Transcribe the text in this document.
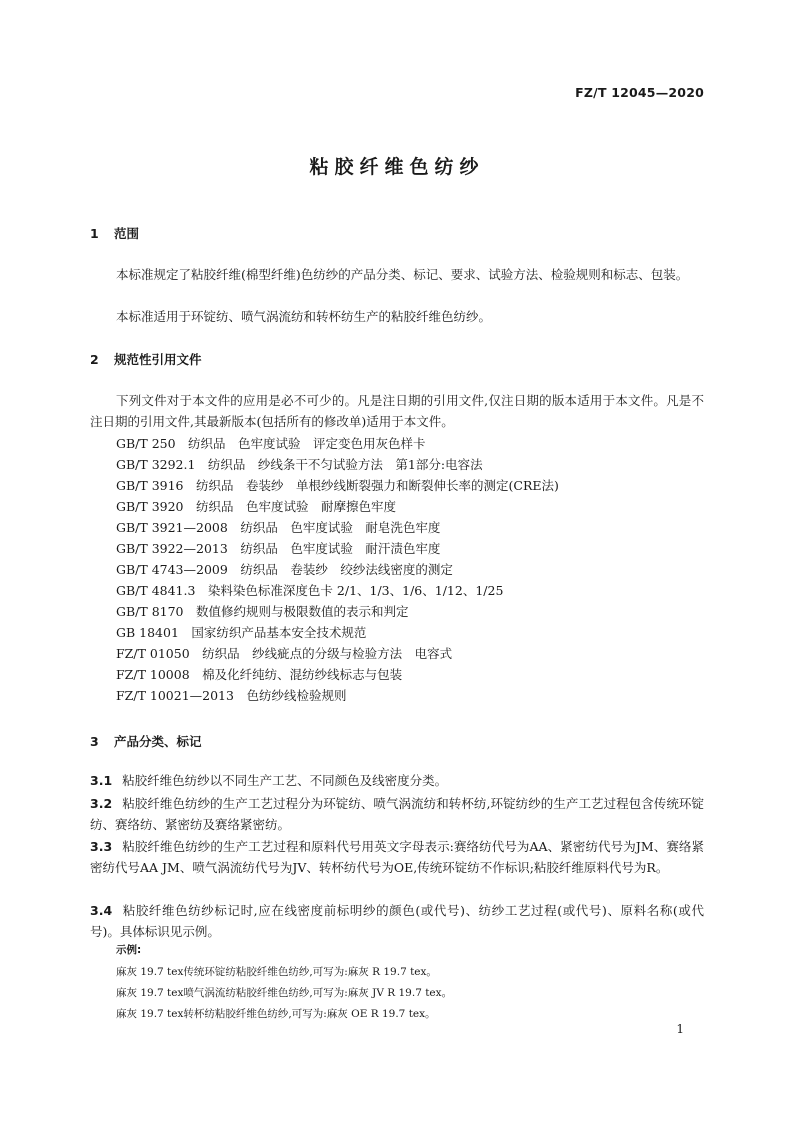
FZ/T 12045—2020
粘胶纤维色纺纱
1 范围
本标准规定了粘胶纤维(棉型纤维)色纺纱的产品分类、标记、要求、试验方法、检验规则和标志、包装。
本标准适用于环锭纺、喷气涡流纺和转杯纺生产的粘胶纤维色纺纱。
2 规范性引用文件
下列文件对于本文件的应用是必不可少的。凡是注日期的引用文件,仅注日期的版本适用于本文件。凡是不注日期的引用文件,其最新版本(包括所有的修改单)适用于本文件。
GB/T 250　纺织品　色牢度试验　评定变色用灰色样卡
GB/T 3292.1　纺织品　纱线条干不匀试验方法　第1部分:电容法
GB/T 3916　纺织品　卷装纱　单根纱线断裂强力和断裂伸长率的测定(CRE法)
GB/T 3920　纺织品　色牢度试验　耐摩擦色牢度
GB/T 3921—2008　纺织品　色牢度试验　耐皂洗色牢度
GB/T 3922—2013　纺织品　色牢度试验　耐汗渍色牢度
GB/T 4743—2009　纺织品　卷装纱　绞纱法线密度的测定
GB/T 4841.3　染料染色标准深度色卡 2/1、1/3、1/6、1/12、1/25
GB/T 8170　数值修约规则与极限数值的表示和判定
GB 18401　国家纺织产品基本安全技术规范
FZ/T 01050　纺织品　纱线疵点的分级与检验方法　电容式
FZ/T 10008　棉及化纤纯纺、混纺纱线标志与包装
FZ/T 10021—2013　色纺纱线检验规则
3 产品分类、标记
3.1 粘胶纤维色纺纱以不同生产工艺、不同颜色及线密度分类。
3.2 粘胶纤维色纺纱的生产工艺过程分为环锭纺、喷气涡流纺和转杯纺,环锭纺纱的生产工艺过程包含传统环锭纺、赛络纺、紧密纺及赛络紧密纺。
3.3 粘胶纤维色纺纱的生产工艺过程和原料代号用英文字母表示:赛络纺代号为AA、紧密纺代号为JM、赛络紧密纺代号AA JM、喷气涡流纺代号为JV、转杯纺代号为OE,传统环锭纺不作标识;粘胶纤维原料代号为R。
3.4 粘胶纤维色纺纱标记时,应在线密度前标明纱的颜色(或代号)、纺纱工艺过程(或代号)、原料名称(或代号)。具体标识见示例。
示例:
麻灰 19.7 tex传统环锭纺粘胶纤维色纺纱,可写为:麻灰 R 19.7 tex。
麻灰 19.7 tex喷气涡流纺粘胶纤维色纺纱,可写为:麻灰 JV R 19.7 tex。
麻灰 19.7 tex转杯纺粘胶纤维色纺纱,可写为:麻灰 OE R 19.7 tex。
1
